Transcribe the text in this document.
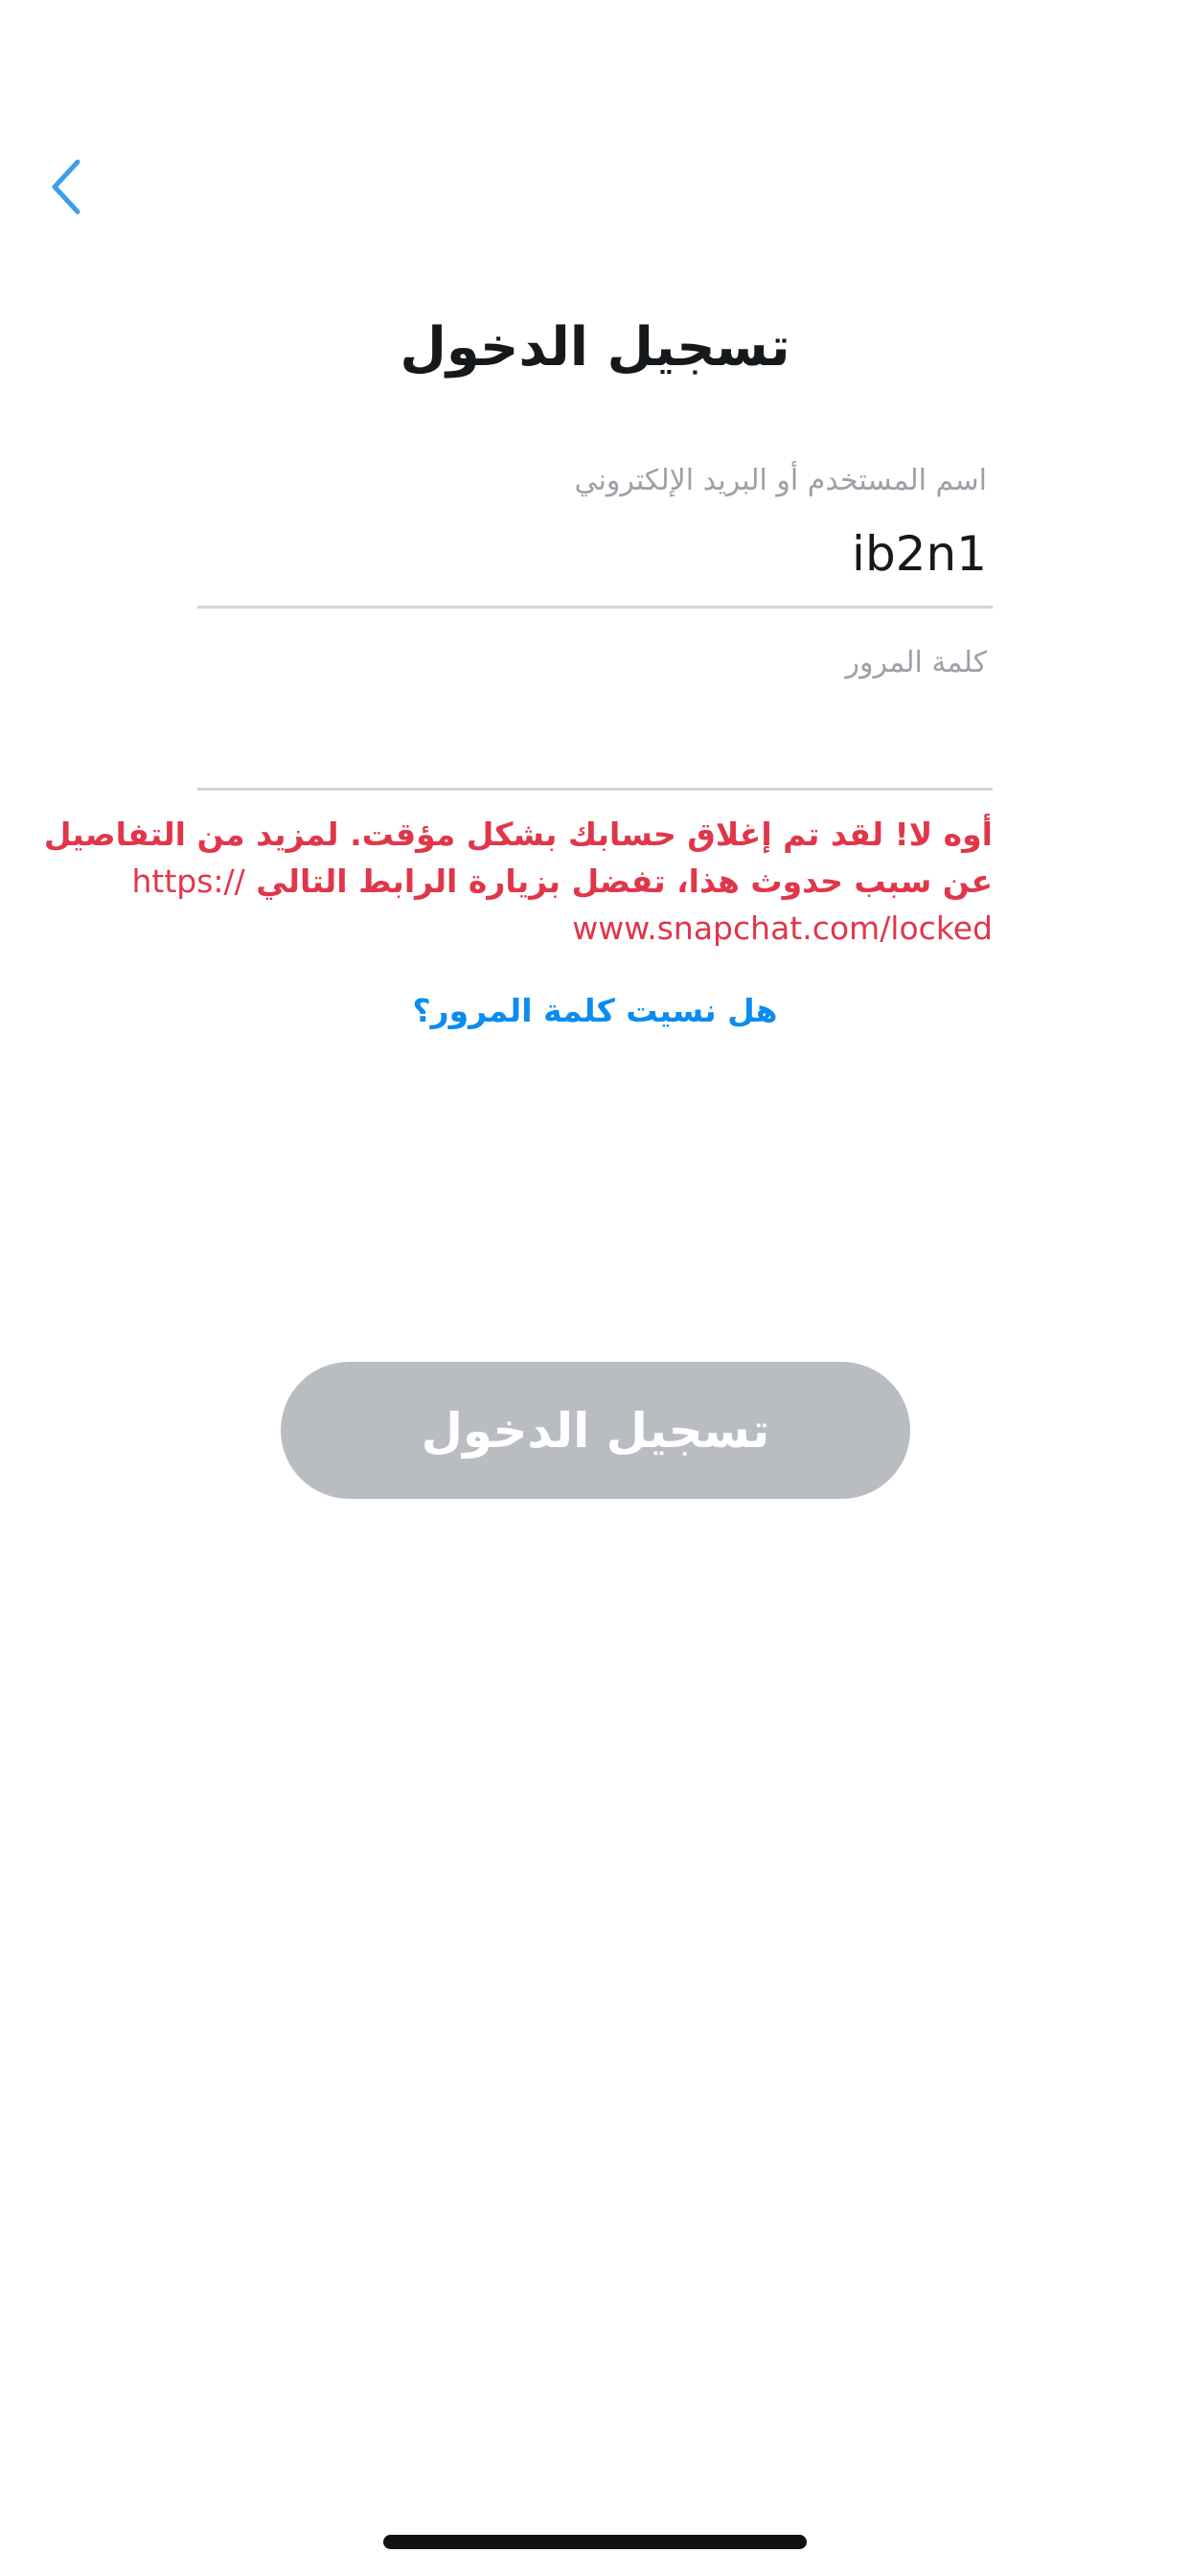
تسجيل الدخول
اسم المستخدم أو البريد الإلكتروني
ib2n1
كلمة المرور
أوه لا! لقد تم إغلاق حسابك بشكل مؤقت. لمزيد من التفاصيل
عن سبب حدوث هذا، تفضل بزيارة الرابط التالي https://
www.snapchat.com/locked
هل نسيت كلمة المرور؟
تسجيل الدخول
